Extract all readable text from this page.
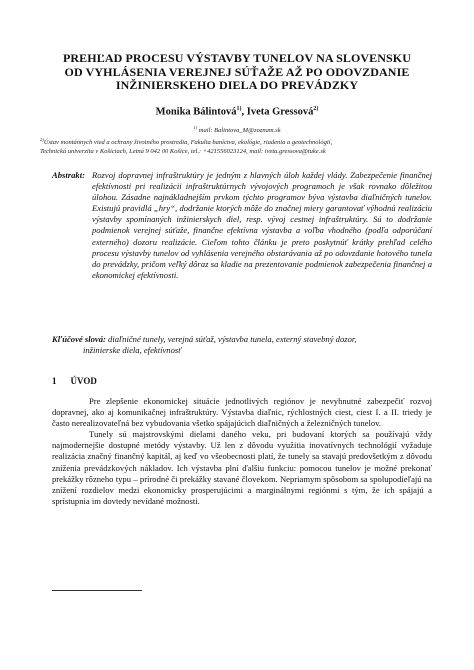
PREHĽAD PROCESU VÝSTAVBY TUNELOV NA SLOVENSKU
OD VYHLÁSENIA VEREJNEJ SÚŤAŽE AŽ PO ODOVZDANIE
INŽINIERSKEHO DIELA DO PREVÁDZKY
Monika Bálintová$^{1)}$, Iveta Gressová$^{2)}$
$^{1)}$ mail: Balintova_M@zoznam.sk
$^{2)}$Ústav montánnych vied a ochrany životného prostredia, Fakulta baníctva, ekológie, riadenia a geotechnológií,
Technická univerzita v Košiciach, Letná 9 042 00 Košice, tel.: +421556023124, mail: iveta.gressova@tuke.sk
Abstrakt: Rozvoj dopravnej infraštruktúry je jedným z hlavných úloh každej vlády. Zabezpečenie finančnej efektívnosti pri realizácii infraštruktúrnych vývojových programoch je však rovnako dôležitou úlohou. Zásadne najnákladnejším prvkom týchto programov býva výstavba diaľničných tunelov. Existujú pravidlá „hry“, dodržanie ktorých môže do značnej miery garantovať výhodnú realizáciu výstavby spomínaných inžinierskych diel, resp. vývoj cestnej infraštruktúry. Sú to dodržanie podmienok verejnej súťaže, finančne efektívna výstavba a voľba vhodného (podľa odporúčaní externého) dozoru realizácie. Cieľom tohto článku je preto poskytnúť krátky prehľad celého procesu výstavby tunelov od vyhlásenia verejného obstarávania až po odovzdanie hotového tunela do prevádzky, pričom veľký dôraz sa kladie na prezentovanie podmienok zabezpečenia finančnej a ekonomickej efektívnosti.
Kľúčové slová: diaľničné tunely, verejná súťaž, výstavba tunela, externý stavebný dozor,
inžinierske diela, efektívnosť
1 ÚVOD

Pre zlepšenie ekonomickej situácie jednotlivých regiónov je nevyhnutné zabezpečiť rozvoj dopravnej, ako aj komunikačnej infraštruktúry. Výstavba diaľnic, rýchlostných ciest, ciest I. a II. triedy je často nerealizovateľná bez vybudovania všetko spájajúcich diaľničných a železničných tunelov.

Tunely sú majstrovskými dielami daného veku, pri budovaní ktorých sa používajú vždy najmodernejšie dostupné metódy výstavby. Už len z dôvodu využitia inovatívnych technológií vyžaduje realizácia značný finančný kapitál, aj keď vo všeobecnosti platí, že tunely sa stavajú predovšetkým z dôvodu zníženia prevádzkových nákladov. Ich výstavba plní ďalšiu funkciu: pomocou tunelov je možné prekonať prekážky rôzneho typu – prírodné či prekážky stavané človekom. Nepriamym spôsobom sa spolupodieľajú na znížení rozdielov medzi ekonomicky prosperujúcimi a marginálnymi regiónmi s tým, že ich spájajú a sprístupnia im dovtedy nevídané možnosti.
